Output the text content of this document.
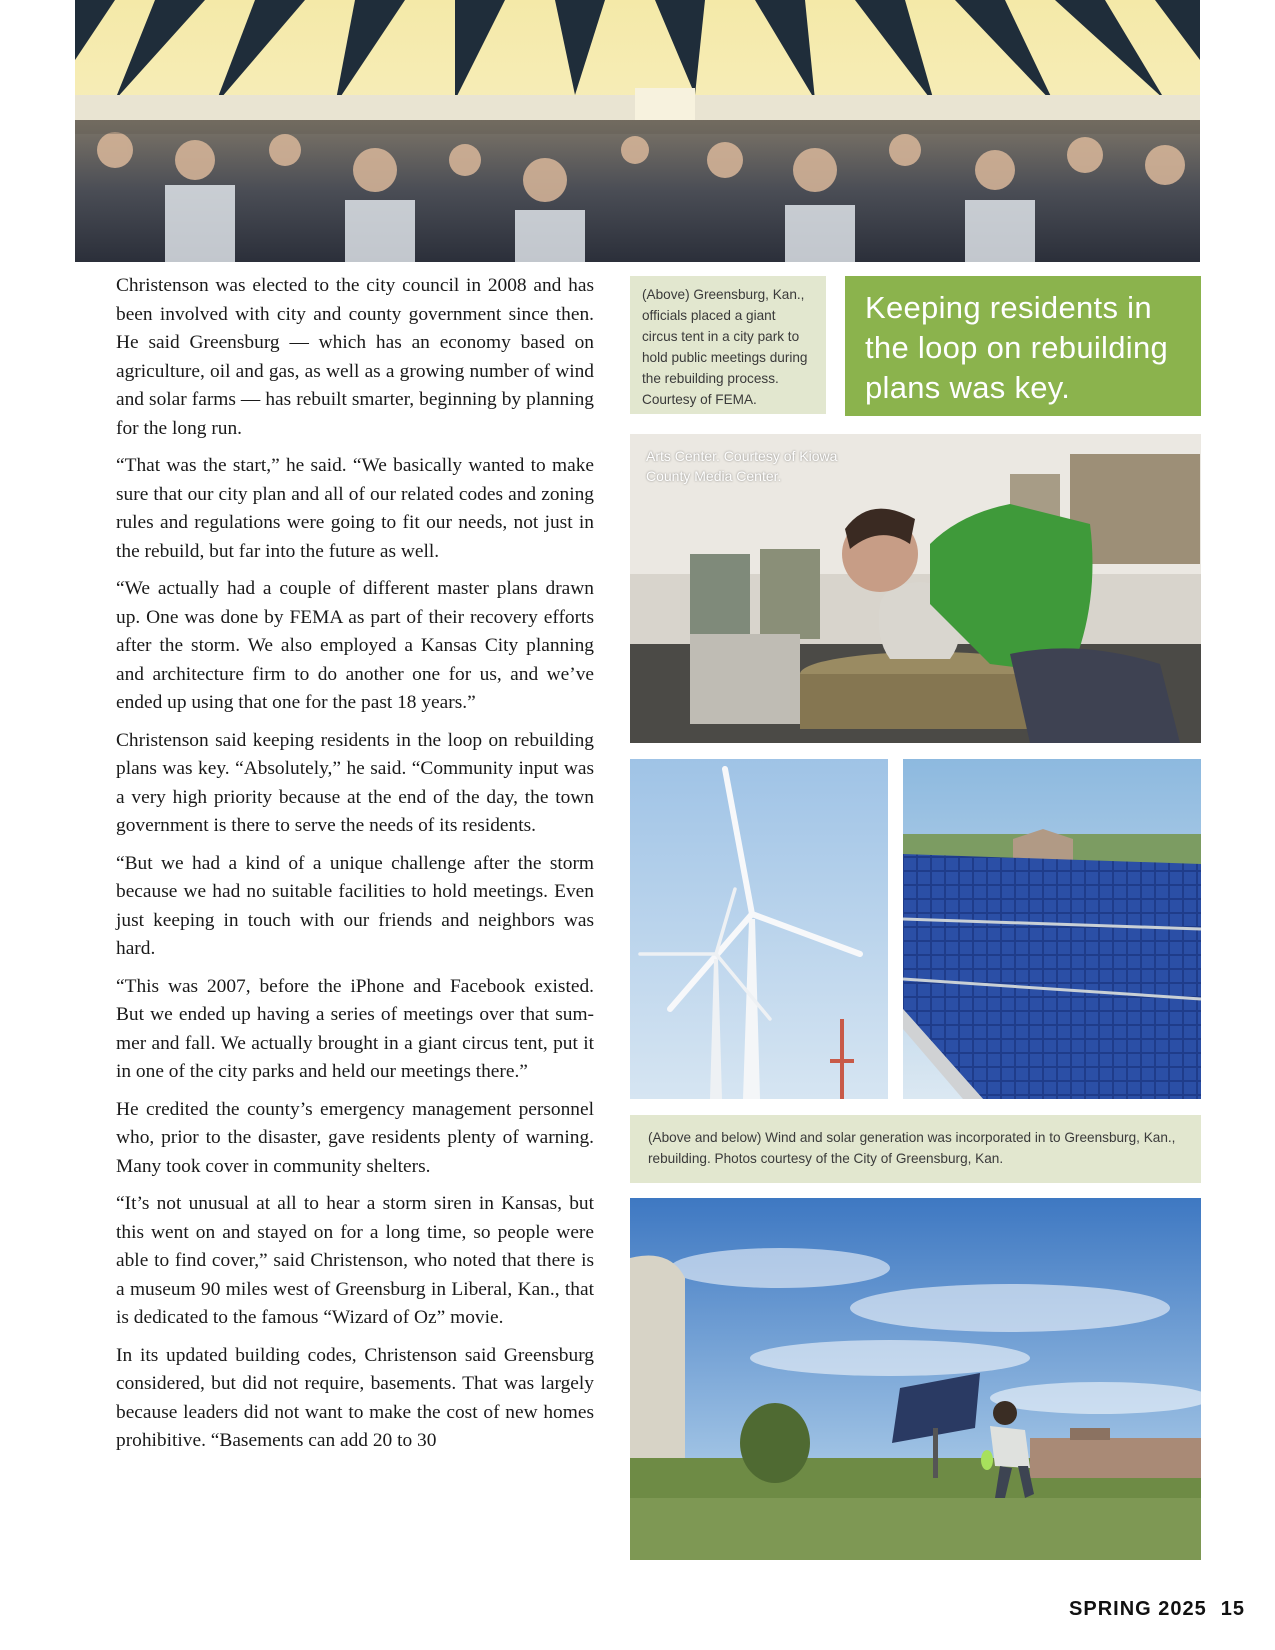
Christenson was elected to the city council in 2008 and has been involved with city and county government since then. He said Greensburg — which has an economy based on agriculture, oil and gas, as well as a growing number of wind and solar farms — has rebuilt smarter, beginning by planning for the long run.

“That was the start,” he said. “We basically wanted to make sure that our city plan and all of our related codes and zoning rules and regulations were going to fit our needs, not just in the rebuild, but far into the future as well.

“We actually had a couple of different master plans drawn up. One was done by FEMA as part of their recovery efforts after the storm. We also employed a Kansas City planning and architecture firm to do another one for us, and we’ve ended up using that one for the past 18 years.”

Christenson said keeping residents in the loop on rebuilding plans was key. “Absolutely,” he said. “Community input was a very high priority because at the end of the day, the town government is there to serve the needs of its residents.

“But we had a kind of a unique challenge after the storm because we had no suitable facilities to hold meetings. Even just keeping in touch with our friends and neighbors was hard.

“This was 2007, before the iPhone and Facebook existed. But we ended up having a series of meetings over that summer and fall. We actually brought in a giant circus tent, put it in one of the city parks and held our meetings there.”

He credited the county’s emergency management personnel who, prior to the disaster, gave residents plenty of warning. Many took cover in community shelters.

“It’s not unusual at all to hear a storm siren in Kansas, but this went on and stayed on for a long time, so people were able to find cover,” said Christenson, who noted that there is a museum 90 miles west of Greensburg in Liberal, Kan., that is dedicated to the famous “Wizard of Oz” movie.

In its updated building codes, Christenson said Greensburg considered, but did not require, basements. That was largely because leaders did not want to make the cost of new homes prohibitive. “Basements can add 20 to 30

(Above) Greensburg, Kan., officials placed a giant circus tent in a city park to hold public meetings during the rebuilding process. Courtesy of FEMA.
Keeping residents in the loop on rebuilding plans was key.
Arts Center. Courtesy of Kiowa County Media Center.
(Above and below) Wind and solar generation was incorporated in to Greensburg, Kan., rebuilding. Photos courtesy of the City of Greensburg, Kan.
SPRING 2025 15
